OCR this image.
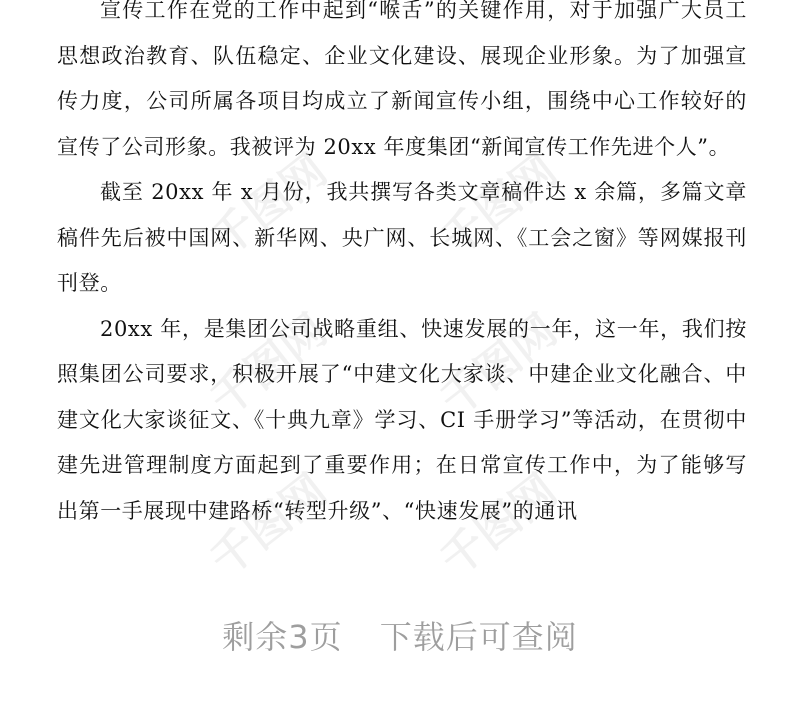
千图网 千图网
千图网 千图网
千图网 千图网

宣传工作在党的工作中起到“喉舌”的关键作用，对于加强广大员工思想政治教育、队伍稳定、企业文化建设、展现企业形象。为了加强宣传力度，公司所属各项目均成立了新闻宣传小组，围绕中心工作较好的宣传了公司形象。我被评为 20xx 年度集团“新闻宣传工作先进个人”。

截至 20xx 年 x 月份，我共撰写各类文章稿件达 x 余篇，多篇文章稿件先后被中国网、新华网、央广网、长城网、《工会之窗》等网媒报刊刊登。

20xx 年，是集团公司战略重组、快速发展的一年，这一年，我们按照集团公司要求，积极开展了“中建文化大家谈、中建企业文化融合、中建文化大家谈征文、《十典九章》学习、CI 手册学习”等活动，在贯彻中建先进管理制度方面起到了重要作用；在日常宣传工作中，为了能够写出第一手展现中建路桥“转型升级”、“快速发展”的通讯

剩余3页 下载后可查阅
